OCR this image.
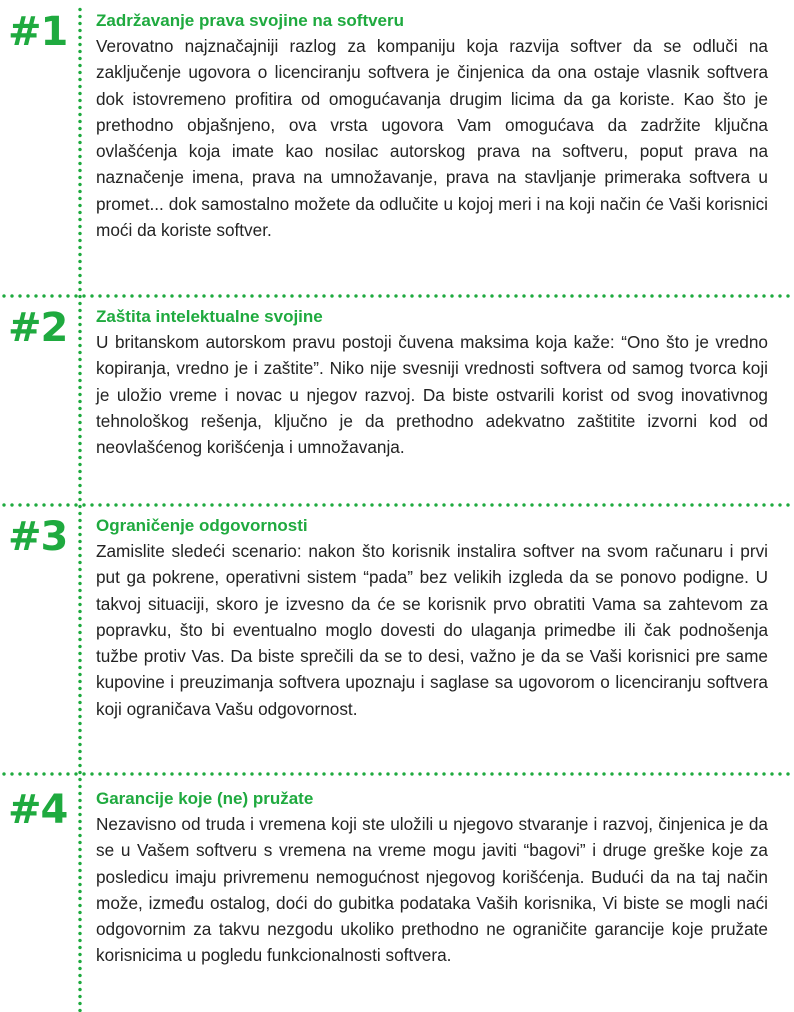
#1 Zadržavanje prava svojine na softveru
Verovatno najznačajniji razlog za kompaniju koja razvija softver da se odluči na zaključenje ugovora o licenciranju softvera je činjenica da ona ostaje vlasnik softvera dok istovremeno profitira od omogućavanja drugim licima da ga koriste. Kao što je prethodno objašnjeno, ova vrsta ugovora Vam omogućava da zadržite ključna ovlašćenja koja imate kao nosilac autorskog prava na softveru, poput prava na naznačenje imena, prava na umnožavanje, prava na stavljanje primeraka softvera u promet... dok samostalno možete da odlučite u kojoj meri i na koji način će Vaši korisnici moći da koriste softver.
#2 Zaštita intelektualne svojine
U britanskom autorskom pravu postoji čuvena maksima koja kaže: “Ono što je vredno kopiranja, vredno je i zaštite”. Niko nije svesniji vrednosti softvera od samog tvorca koji je uložio vreme i novac u njegov razvoj. Da biste ostvarili korist od svog inovativnog tehnološkog rešenja, ključno je da prethodno adekvatno zaštitite izvorni kod od neovlašćenog korišćenja i umnožavanja.
#3 Ograničenje odgovornosti
Zamislite sledeći scenario: nakon što korisnik instalira softver na svom računaru i prvi put ga pokrene, operativni sistem “pada” bez velikih izgleda da se ponovo podigne. U takvoj situaciji, skoro je izvesno da će se korisnik prvo obratiti Vama sa zahtevom za popravku, što bi eventualno moglo dovesti do ulaganja primedbe ili čak podnošenja tužbe protiv Vas. Da biste sprečili da se to desi, važno je da se Vaši korisnici pre same kupovine i preuzimanja softvera upoznaju i saglase sa ugovorom o licenciranju softvera koji ograničava Vašu odgovornost.
#4 Garancije koje (ne) pružate
Nezavisno od truda i vremena koji ste uložili u njegovo stvaranje i razvoj, činjenica je da se u Vašem softveru s vremena na vreme mogu javiti “bagovi” i druge greške koje za posledicu imaju privremenu nemogućnost njegovog korišćenja. Budući da na taj način može, između ostalog, doći do gubitka podataka Vaših korisnika, Vi biste se mogli naći odgovornim za takvu nezgodu ukoliko prethodno ne ograničite garancije koje pružate korisnicima u pogledu funkcionalnosti softvera.
